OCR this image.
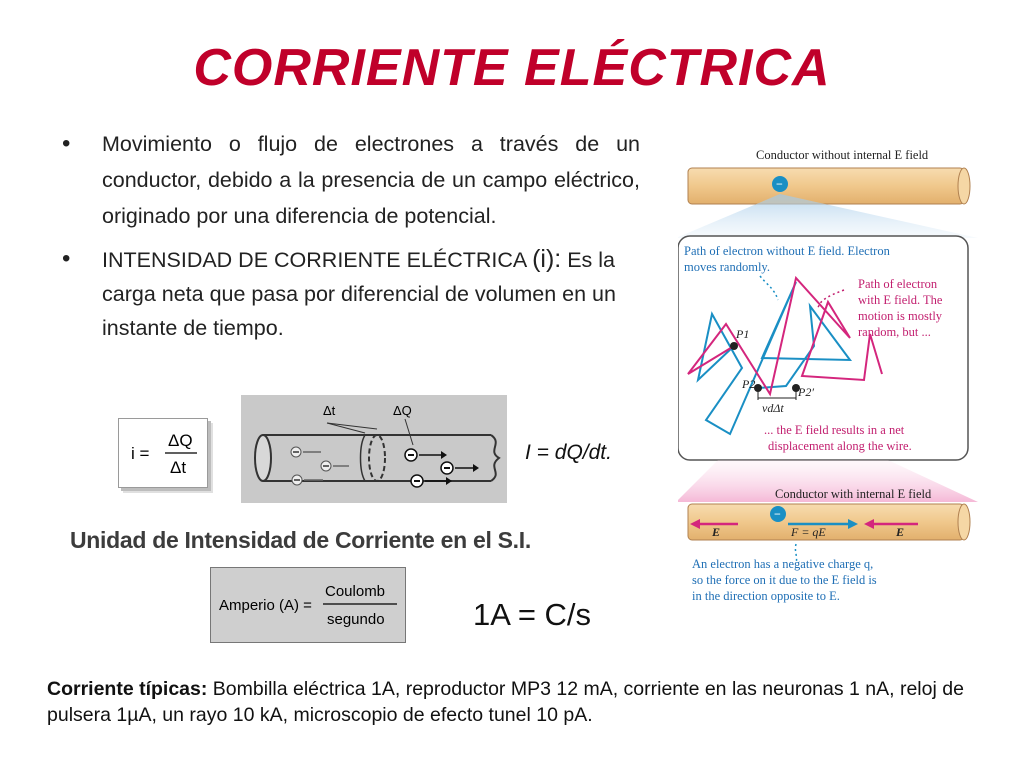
CORRIENTE ELÉCTRICA
• Movimiento o flujo de electrones a través de un conductor, debido a la presencia de un campo eléctrico, originado por una diferencia de potencial.
• INTENSIDAD DE CORRIENTE ELÉCTRICA (i): Es la carga neta que pasa por diferencial de volumen en un instante de tiempo.
i =
ΔQ
Δt
Δt	ΔQ
I = dQ/dt.
Unidad de Intensidad de Corriente en el S.I.
Amperio (A) =
Coulomb
segundo	1A = C/s
Corriente típicas: Bombilla eléctrica 1A, reproductor MP3 12 mA, corriente en las neuronas 1 nA, reloj de pulsera 1µA, un rayo 10 kA, microscopio de efecto tunel 10 pA.
Conductor without internal E field
−
Path of electron without E field. Electron
moves randomly.
Path of electron
with E field. The
motion is mostly
random, but ...
P1
P2
P2′
vdΔt
... the E field results in a net
displacement along the wire.
Conductor with internal E field
E	E
−
F = qE
An electron has a negative charge q,
so the force on it due to the E field is
in the direction opposite to E.
